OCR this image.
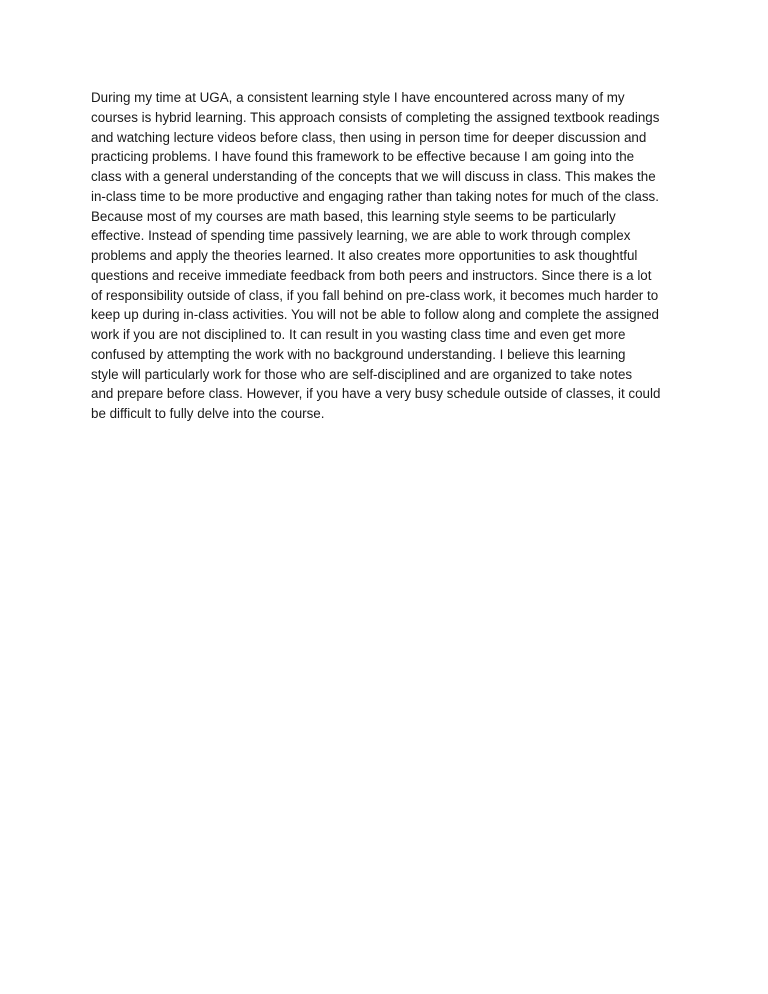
During my time at UGA, a consistent learning style I have encountered across many of my
courses is hybrid learning. This approach consists of completing the assigned textbook readings
and watching lecture videos before class, then using in person time for deeper discussion and
practicing problems. I have found this framework to be effective because I am going into the
class with a general understanding of the concepts that we will discuss in class. This makes the
in-class time to be more productive and engaging rather than taking notes for much of the class.
Because most of my courses are math based, this learning style seems to be particularly
effective. Instead of spending time passively learning, we are able to work through complex
problems and apply the theories learned. It also creates more opportunities to ask thoughtful
questions and receive immediate feedback from both peers and instructors. Since there is a lot
of responsibility outside of class, if you fall behind on pre-class work, it becomes much harder to
keep up during in-class activities. You will not be able to follow along and complete the assigned
work if you are not disciplined to. It can result in you wasting class time and even get more
confused by attempting the work with no background understanding. I believe this learning
style will particularly work for those who are self-disciplined and are organized to take notes
and prepare before class. However, if you have a very busy schedule outside of classes, it could
be difficult to fully delve into the course.
